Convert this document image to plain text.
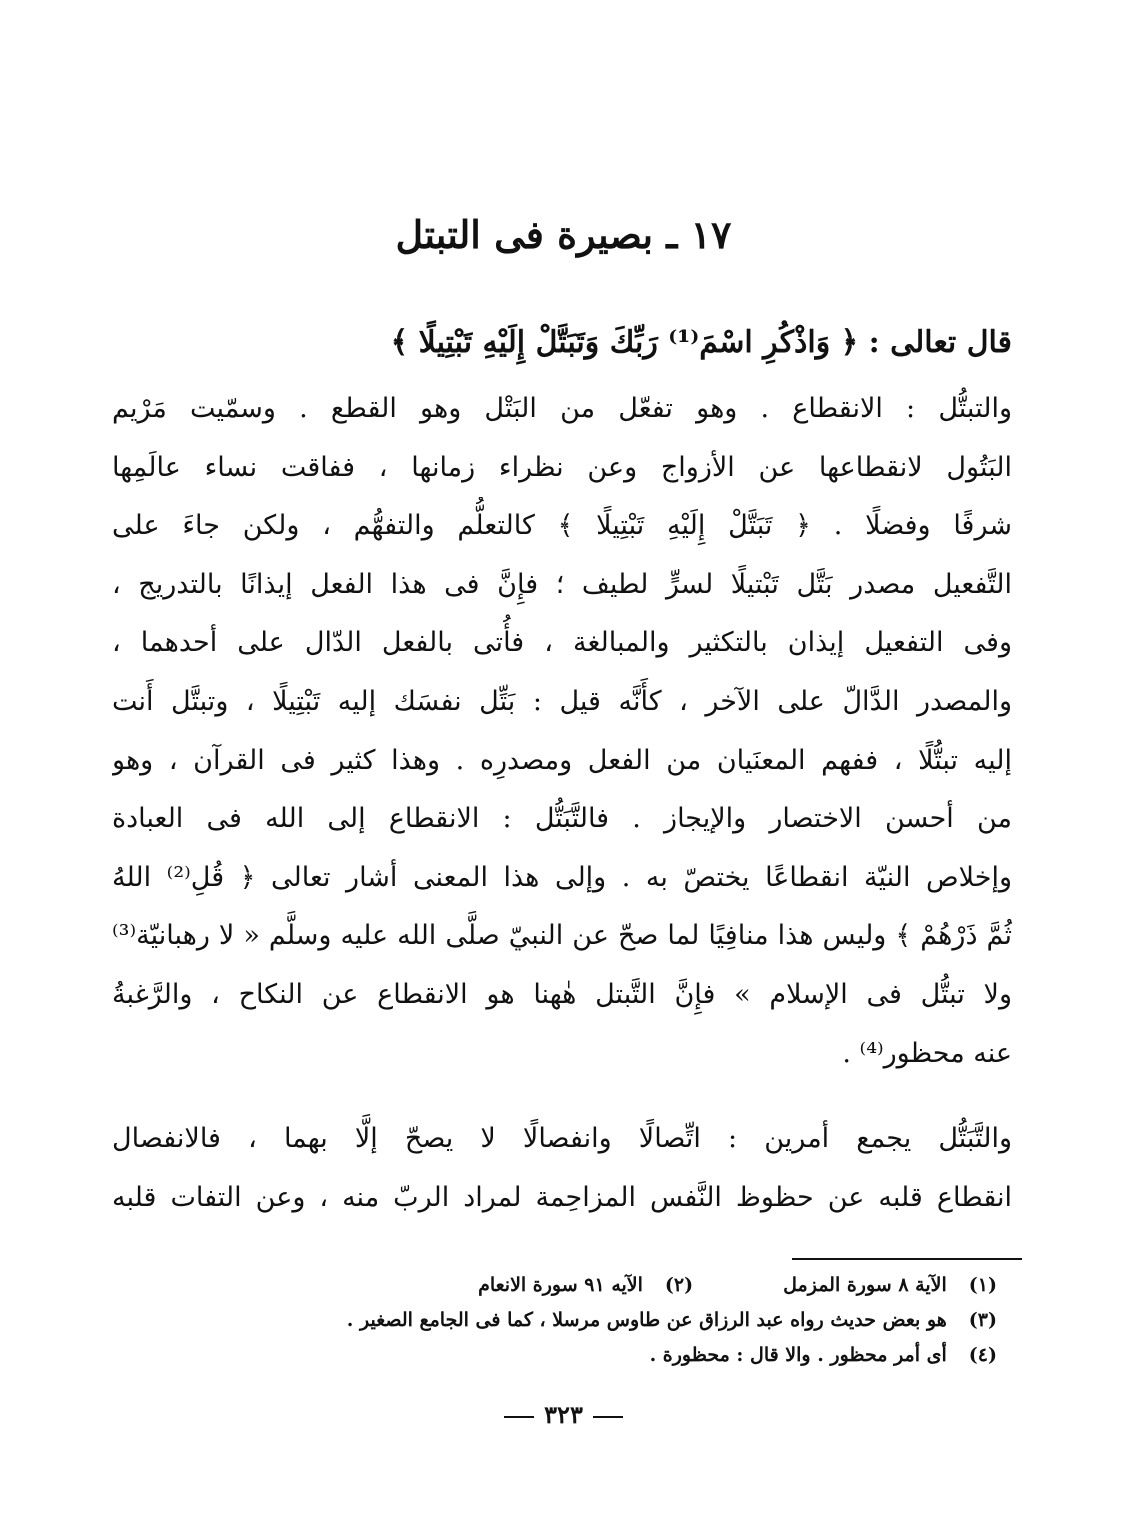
١٧ ـ بصيرة فى التبتل
قال تعالى : ﴿ وَاذْكُرِ اسْمَ⁽¹⁾ رَبِّكَ وَتَبَتَّلْ إِلَيْهِ تَبْتِيلًا ﴾
والتبتُّل : الانقطاع . وهو تفعّل من البَتْل وهو القطع . وسمّيت مَرْيم
البَتُول لانقطاعها عن الأزواج وعن نظراء زمانها ، ففاقت نساء عالَمِها
شرفًا وفضلًا . ﴿ تَبَتَّلْ إِلَيْهِ تَبْتِيلًا ﴾ كالتعلُّم والتفهُّم ، ولكن جاءَ على
التَّفعيل مصدر بَتَّل تَبْتيلًا لسرٍّ لطيف ؛ فإِنَّ فى هذا الفعل إيذانًا بالتدريج ،
وفى التفعيل إيذان بالتكثير والمبالغة ، فأُتى بالفعل الدّال على أحدهما ،
والمصدر الدَّالّ على الآخر ، كأَنَّه قيل : بَتِّل نفسَك إليه تَبْتِيلًا ، وتبتَّل أَنت
إليه تبتُّلًا ، ففهم المعنَيان من الفعل ومصدرِه . وهذا كثير فى القرآن ، وهو
من أحسن الاختصار والإيجاز . فالتَّبَتُّل : الانقطاع إلى الله فى العبادة
وإخلاص النيّة انقطاعًا يختصّ به . وإلى هذا المعنى أشار تعالى ﴿ قُلِ⁽²⁾ اللهُ
ثُمَّ ذَرْهُمْ ﴾ وليس هذا منافِيًا لما صحّ عن النبيّ صلَّى الله عليه وسلَّم « لا رهبانيّة⁽³⁾
ولا تبتُّل فى الإسلام » فإِنَّ التَّبتل هٰهنا هو الانقطاع عن النكاح ، والرَّغبةُ
عنه محظور⁽⁴⁾ .
والتَّبَتُّل يجمع أمرين : اتِّصالًا وانفصالًا لا يصحّ إلَّا بهما ، فالانفصال
انقطاع قلبه عن حظوظ النَّفس المزاحِمة لمراد الربّ منه ، وعن التفات قلبه
(١)
الآية ٨ سورة المزمل
(٢)
الآيه ٩١ سورة الانعام
(٣)
هو بعض حديث رواه عبد الرزاق عن طاوس مرسلا ، كما فى الجامع الصغير .
(٤)
أى أمر محظور . والا قال : محظورة .
٣٢٣
